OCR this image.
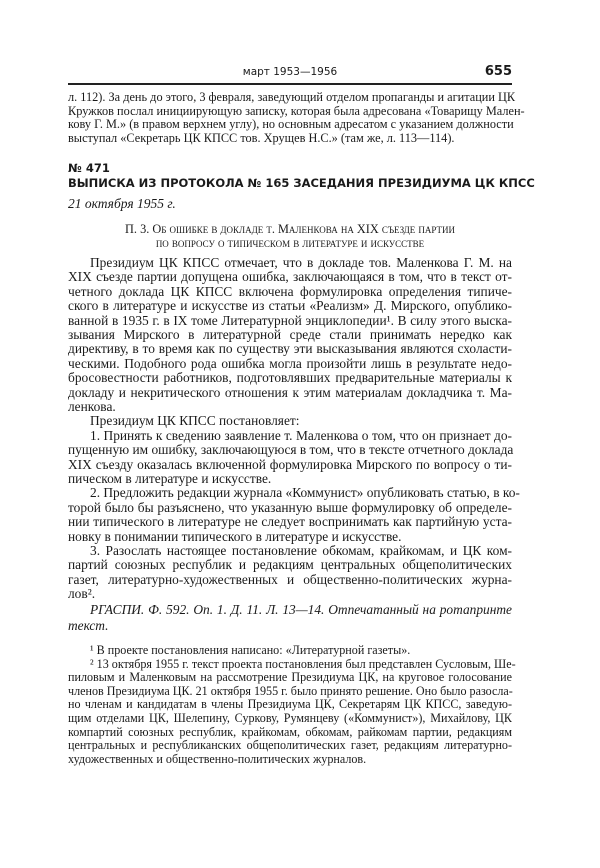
март 1953—1956	655
л. 112). За день до этого, 3 февраля, заведующий отделом пропаганды и агитации ЦК
Кружков послал инициирующую записку, которая была адресована «Товарищу Мален-
кову Г. М.» (в правом верхнем углу), но основным адресатом с указанием должности
выступал «Секретарь ЦК КПСС тов. Хрущев Н.С.» (там же, л. 113—114).
№ 471
ВЫПИСКА ИЗ ПРОТОКОЛА № 165 ЗАСЕДАНИЯ ПРЕЗИДИУМА ЦК КПСС
21 октября 1955 г.
П. 3. Об ошибке в докладе т. Маленкова на XIX съезде партии
по вопросу о типическом в литературе и искусстве
Президиум ЦК КПСС отмечает, что в докладе тов. Маленкова Г. М. на
XIX съезде партии допущена ошибка, заключающаяся в том, что в текст от-
четного доклада ЦК КПСС включена формулировка определения типиче-
ского в литературе и искусстве из статьи «Реализм» Д. Мирского, опублико-
ванной в 1935 г. в IX томе Литературной энциклопедии¹. В силу этого выска-
зывания Мирского в литературной среде стали принимать нередко как
директиву, в то время как по существу эти высказывания являются схоласти-
ческими. Подобного рода ошибка могла произойти лишь в результате недо-
бросовестности работников, подготовлявших предварительные материалы к
докладу и некритического отношения к этим материалам докладчика т. Ма-
ленкова.
Президиум ЦК КПСС постановляет:
1. Принять к сведению заявление т. Маленкова о том, что он признает до-
пущенную им ошибку, заключающуюся в том, что в тексте отчетного доклада
XIX съезду оказалась включенной формулировка Мирского по вопросу о ти-
пическом в литературе и искусстве.
2. Предложить редакции журнала «Коммунист» опубликовать статью, в ко-
торой было бы разъяснено, что указанную выше формулировку об определе-
нии типического в литературе не следует воспринимать как партийную уста-
новку в понимании типического в литературе и искусстве.
3. Разослать настоящее постановление обкомам, крайкомам, и ЦК ком-
партий союзных республик и редакциям центральных общеполитических
газет, литературно-художественных и общественно-политических журна-
лов².
РГАСПИ. Ф. 592. Оп. 1. Д. 11. Л. 13—14. Отпечатанный на ротапринте
текст.
¹ В проекте постановления написано: «Литературной газеты».
² 13 октября 1955 г. текст проекта постановления был представлен Сусловым, Ше-
пиловым и Маленковым на рассмотрение Президиума ЦК, на круговое голосование
членов Президиума ЦК. 21 октября 1955 г. было принято решение. Оно было разосла-
но членам и кандидатам в члены Президиума ЦК, Секретарям ЦК КПСС, заведую-
щим отделами ЦК, Шелепину, Суркову, Румянцеву («Коммунист»), Михайлову, ЦК
компартий союзных республик, крайкомам, обкомам, райкомам партии, редакциям
центральных и республиканских общеполитических газет, редакциям литературно-
художественных и общественно-политических журналов.
